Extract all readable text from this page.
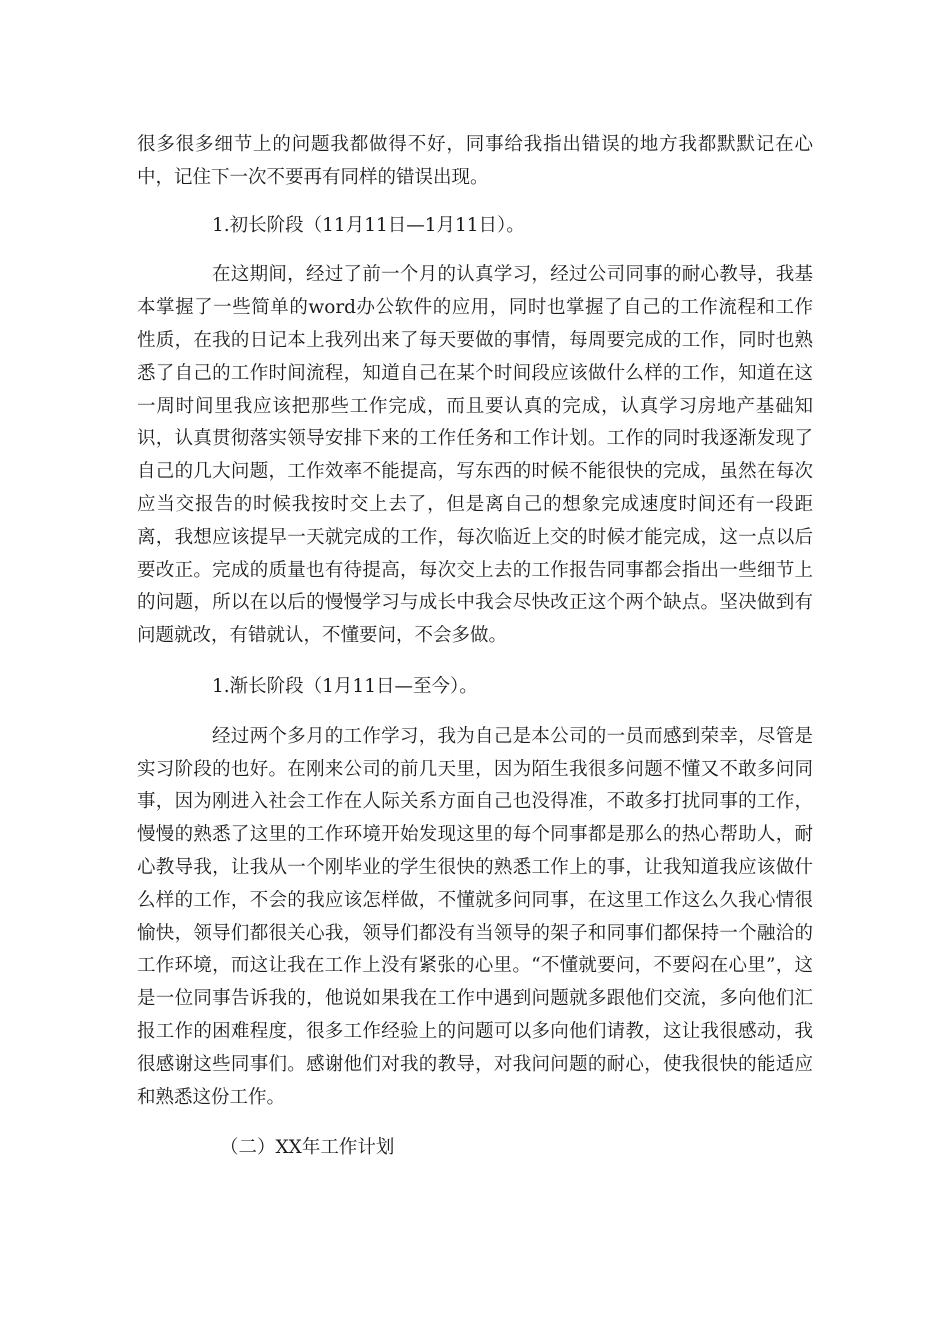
很多很多细节上的问题我都做得不好，同事给我指出错误的地方我都默默记在心中，记住下一次不要再有同样的错误出现。

1.初长阶段（11月11日—1月11日）。

在这期间，经过了前一个月的认真学习，经过公司同事的耐心教导，我基本掌握了一些简单的word办公软件的应用，同时也掌握了自己的工作流程和工作性质，在我的日记本上我列出来了每天要做的事情，每周要完成的工作，同时也熟悉了自己的工作时间流程，知道自己在某个时间段应该做什么样的工作，知道在这一周时间里我应该把那些工作完成，而且要认真的完成，认真学习房地产基础知识，认真贯彻落实领导安排下来的工作任务和工作计划。工作的同时我逐渐发现了自己的几大问题，工作效率不能提高，写东西的时候不能很快的完成，虽然在每次应当交报告的时候我按时交上去了，但是离自己的想象完成速度时间还有一段距离，我想应该提早一天就完成的工作，每次临近上交的时候才能完成，这一点以后要改正。完成的质量也有待提高，每次交上去的工作报告同事都会指出一些细节上的问题，所以在以后的慢慢学习与成长中我会尽快改正这个两个缺点。坚决做到有问题就改，有错就认，不懂要问，不会多做。

1.渐长阶段（1月11日—至今）。

经过两个多月的工作学习，我为自己是本公司的一员而感到荣幸，尽管是实习阶段的也好。在刚来公司的前几天里，因为陌生我很多问题不懂又不敢多问同事，因为刚进入社会工作在人际关系方面自己也没得准，不敢多打扰同事的工作，慢慢的熟悉了这里的工作环境开始发现这里的每个同事都是那么的热心帮助人，耐心教导我，让我从一个刚毕业的学生很快的熟悉工作上的事，让我知道我应该做什么样的工作，不会的我应该怎样做，不懂就多问同事，在这里工作这么久我心情很愉快，领导们都很关心我，领导们都没有当领导的架子和同事们都保持一个融洽的工作环境，而这让我在工作上没有紧张的心里。“不懂就要问，不要闷在心里”，这是一位同事告诉我的，他说如果我在工作中遇到问题就多跟他们交流，多向他们汇报工作的困难程度，很多工作经验上的问题可以多向他们请教，这让我很感动，我很感谢这些同事们。感谢他们对我的教导，对我问问题的耐心，使我很快的能适应和熟悉这份工作。

（二）XX年工作计划
